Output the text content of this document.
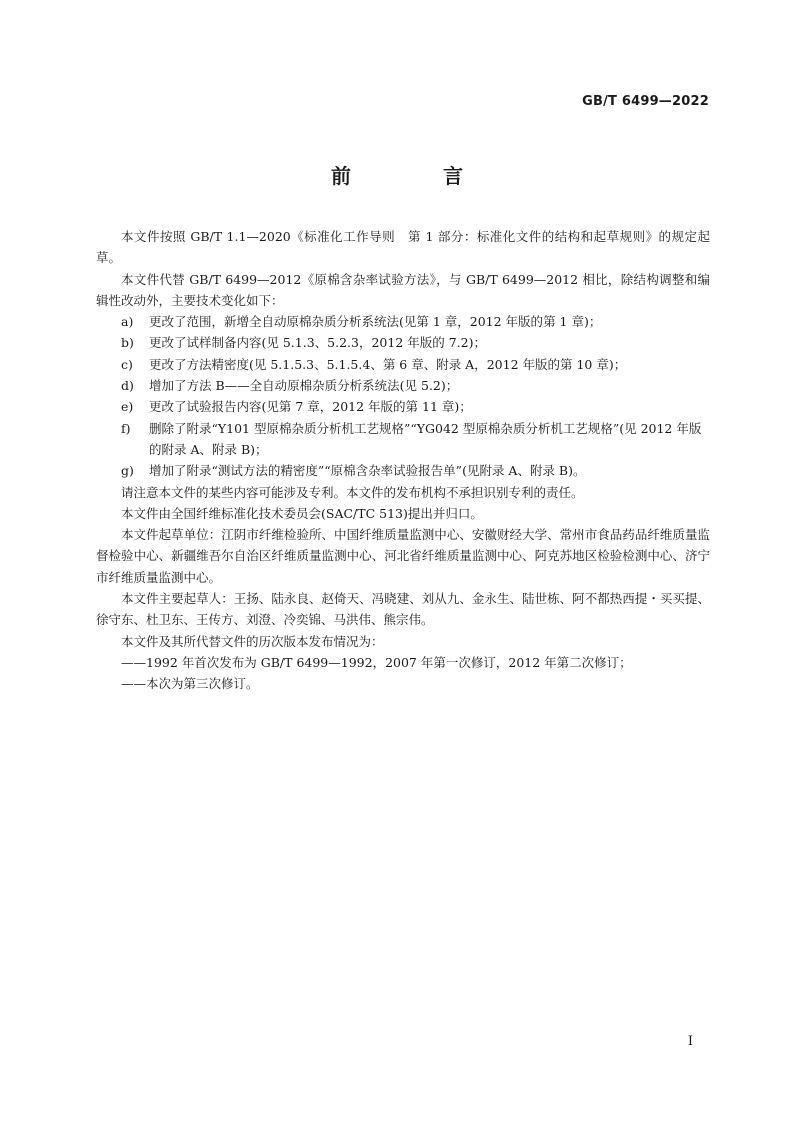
GB/T 6499—2022
前　言

本文件按照 GB/T 1.1—2020《标准化工作导则　第 1 部分：标准化文件的结构和起草规则》的规定起草。

本文件代替 GB/T 6499—2012《原棉含杂率试验方法》，与 GB/T 6499—2012 相比，除结构调整和编辑性改动外，主要技术变化如下：

a)	更改了范围，新增全自动原棉杂质分析系统法(见第 1 章，2012 年版的第 1 章)；
b)	更改了试样制备内容(见 5.1.3、5.2.3，2012 年版的 7.2)；
c)	更改了方法精密度(见 5.1.5.3、5.1.5.4、第 6 章、附录 A，2012 年版的第 10 章)；
d)	增加了方法 B——全自动原棉杂质分析系统法(见 5.2)；
e)	更改了试验报告内容(见第 7 章，2012 年版的第 11 章)；
f)	删除了附录“Y101 型原棉杂质分析机工艺规格”“YG042 型原棉杂质分析机工艺规格”(见 2012 年版的附录 A、附录 B)；
g)	增加了附录“测试方法的精密度”“原棉含杂率试验报告单”(见附录 A、附录 B)。

请注意本文件的某些内容可能涉及专利。本文件的发布机构不承担识别专利的责任。

本文件由全国纤维标准化技术委员会(SAC/TC 513)提出并归口。

本文件起草单位：江阴市纤维检验所、中国纤维质量监测中心、安徽财经大学、常州市食品药品纤维质量监督检验中心、新疆维吾尔自治区纤维质量监测中心、河北省纤维质量监测中心、阿克苏地区检验检测中心、济宁市纤维质量监测中心。

本文件主要起草人：王扬、陆永良、赵倚天、冯晓建、刘从九、金永生、陆世栋、阿不都热西提・买买提、徐守东、杜卫东、王传方、刘澄、冷奕锦、马洪伟、熊宗伟。

本文件及其所代替文件的历次版本发布情况为：

——1992 年首次发布为 GB/T 6499—1992，2007 年第一次修订，2012 年第二次修订；

——本次为第三次修订。

I
